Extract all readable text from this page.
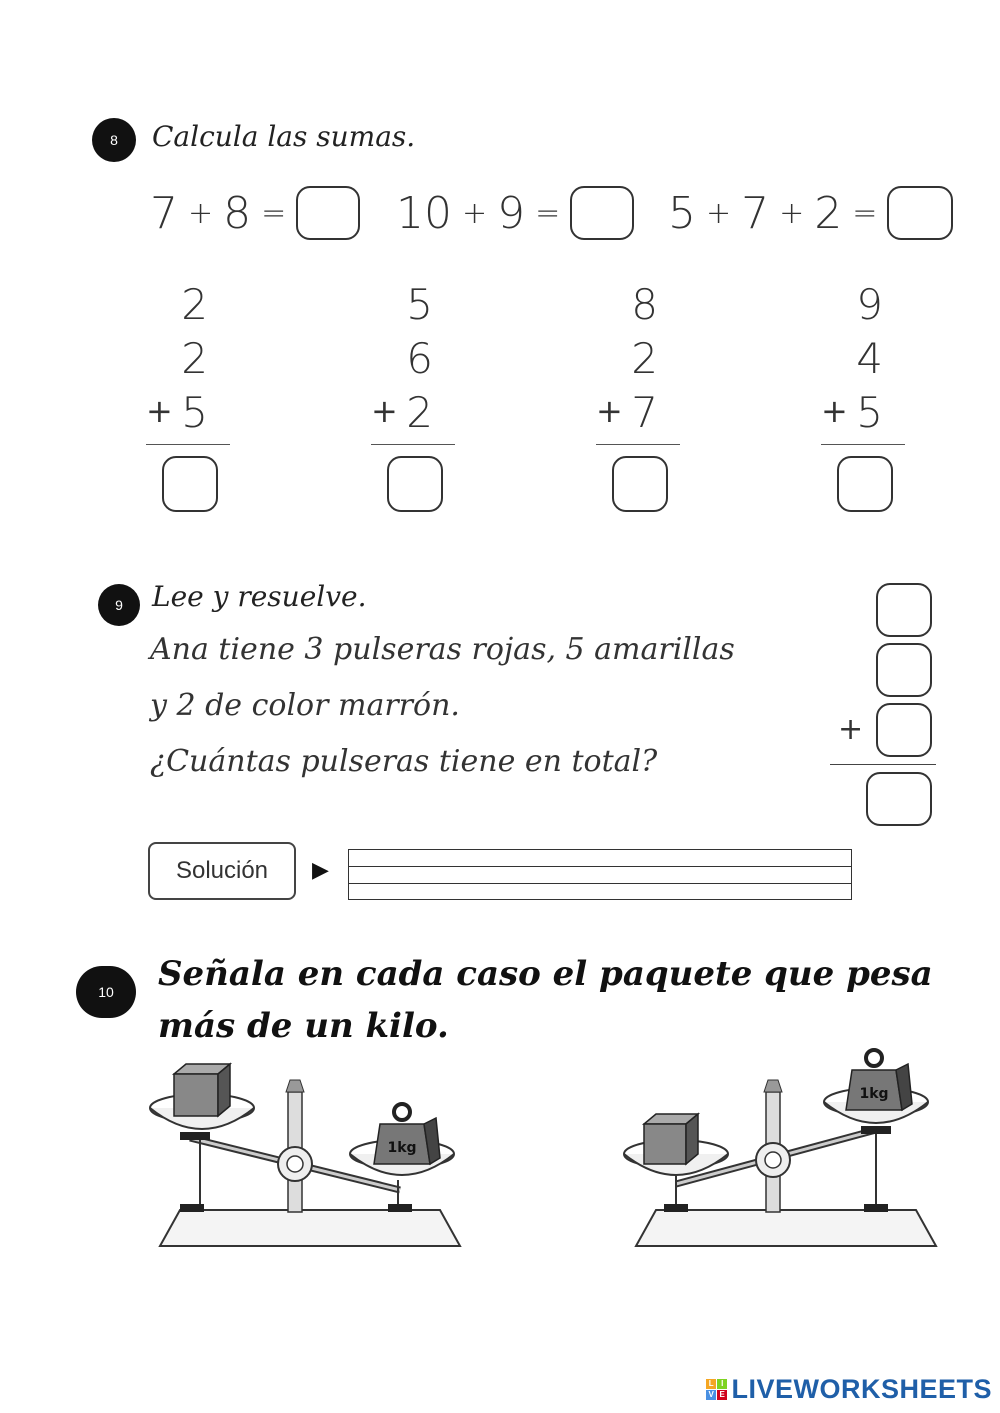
8	Calcula las sumas.
7 + 8 = 10 + 9 = 5 + 7 + 2 =
2
2
+ 5
5
6
+ 2
8
2
+ 7
9
4
+ 5
9	Lee y resuelve.
Ana tiene 3 pulseras rojas, 5 amarillas
y 2 de color marrón.
¿Cuántas pulseras tiene en total?
+
Solución	▶
10	Señala en cada caso el paquete que pesa más de un kilo.
1kg
1kg
L I
V E LIVEWORKSHEETS
